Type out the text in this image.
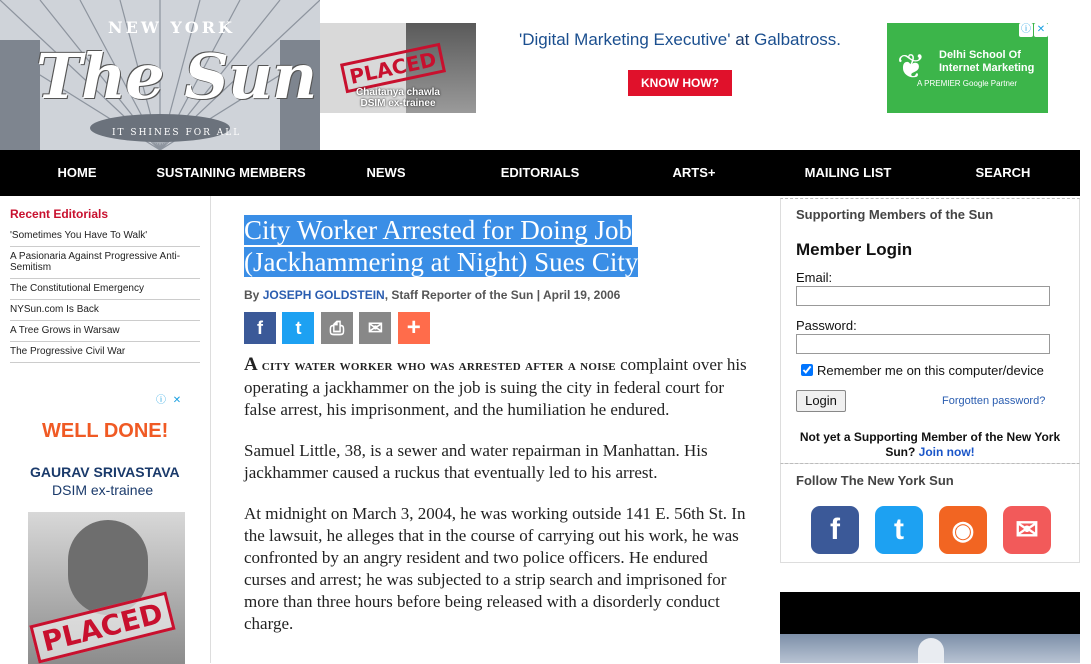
NEW YORK
The Sun
IT SHINES FOR ALL
PLACED
Chaitanya chawla
DSIM ex-trainee
'Digital Marketing Executive' at Galbatross.
KNOW HOW?	❦ Delhi School Of
Internet Marketing
A PREMIER Google Partner
ⓘ ✕
HOME	SUSTAINING MEMBERS	NEWS	EDITORIALS	ARTS+	MAILING LIST	SEARCH
Recent Editorials
'Sometimes You Have To Walk'
A Pasionaria Against Progressive Anti-Semitism
The Constitutional Emergency
NYSun.com Is Back
A Tree Grows in Warsaw
The Progressive Civil War
ⓘ ✕
WELL DONE!
GAURAV SRIVASTAVA
DSIM ex-trainee
PLACED
City Worker Arrested for Doing Job
(Jackhammering at Night) Sues City
By JOSEPH GOLDSTEIN, Staff Reporter of the Sun | April 19, 2006
f t ⎙ ✉ +

A city water worker who was arrested after a noise complaint over his operating a jackhammer on the job is suing the city in federal court for false arrest, his imprisonment, and the humiliation he endured.

Samuel Little, 38, is a sewer and water repairman in Manhattan. His jackhammer caused a ruckus that eventually led to his arrest.

At midnight on March 3, 2004, he was working outside 141 E. 56th St. In the lawsuit, he alleges that in the course of carrying out his work, he was confronted by an angry resident and two police officers. He endured curses and arrest; he was subjected to a strip search and imprisoned for more than three hours before being released with a disorderly conduct charge.

Supporting Members of the Sun
Member Login
Email:
Password:
Remember me on this computer/device
Login	Forgotten password?
Not yet a Supporting Member of the New York Sun? Join now!
Follow The New York Sun
f	t	◉	✉
